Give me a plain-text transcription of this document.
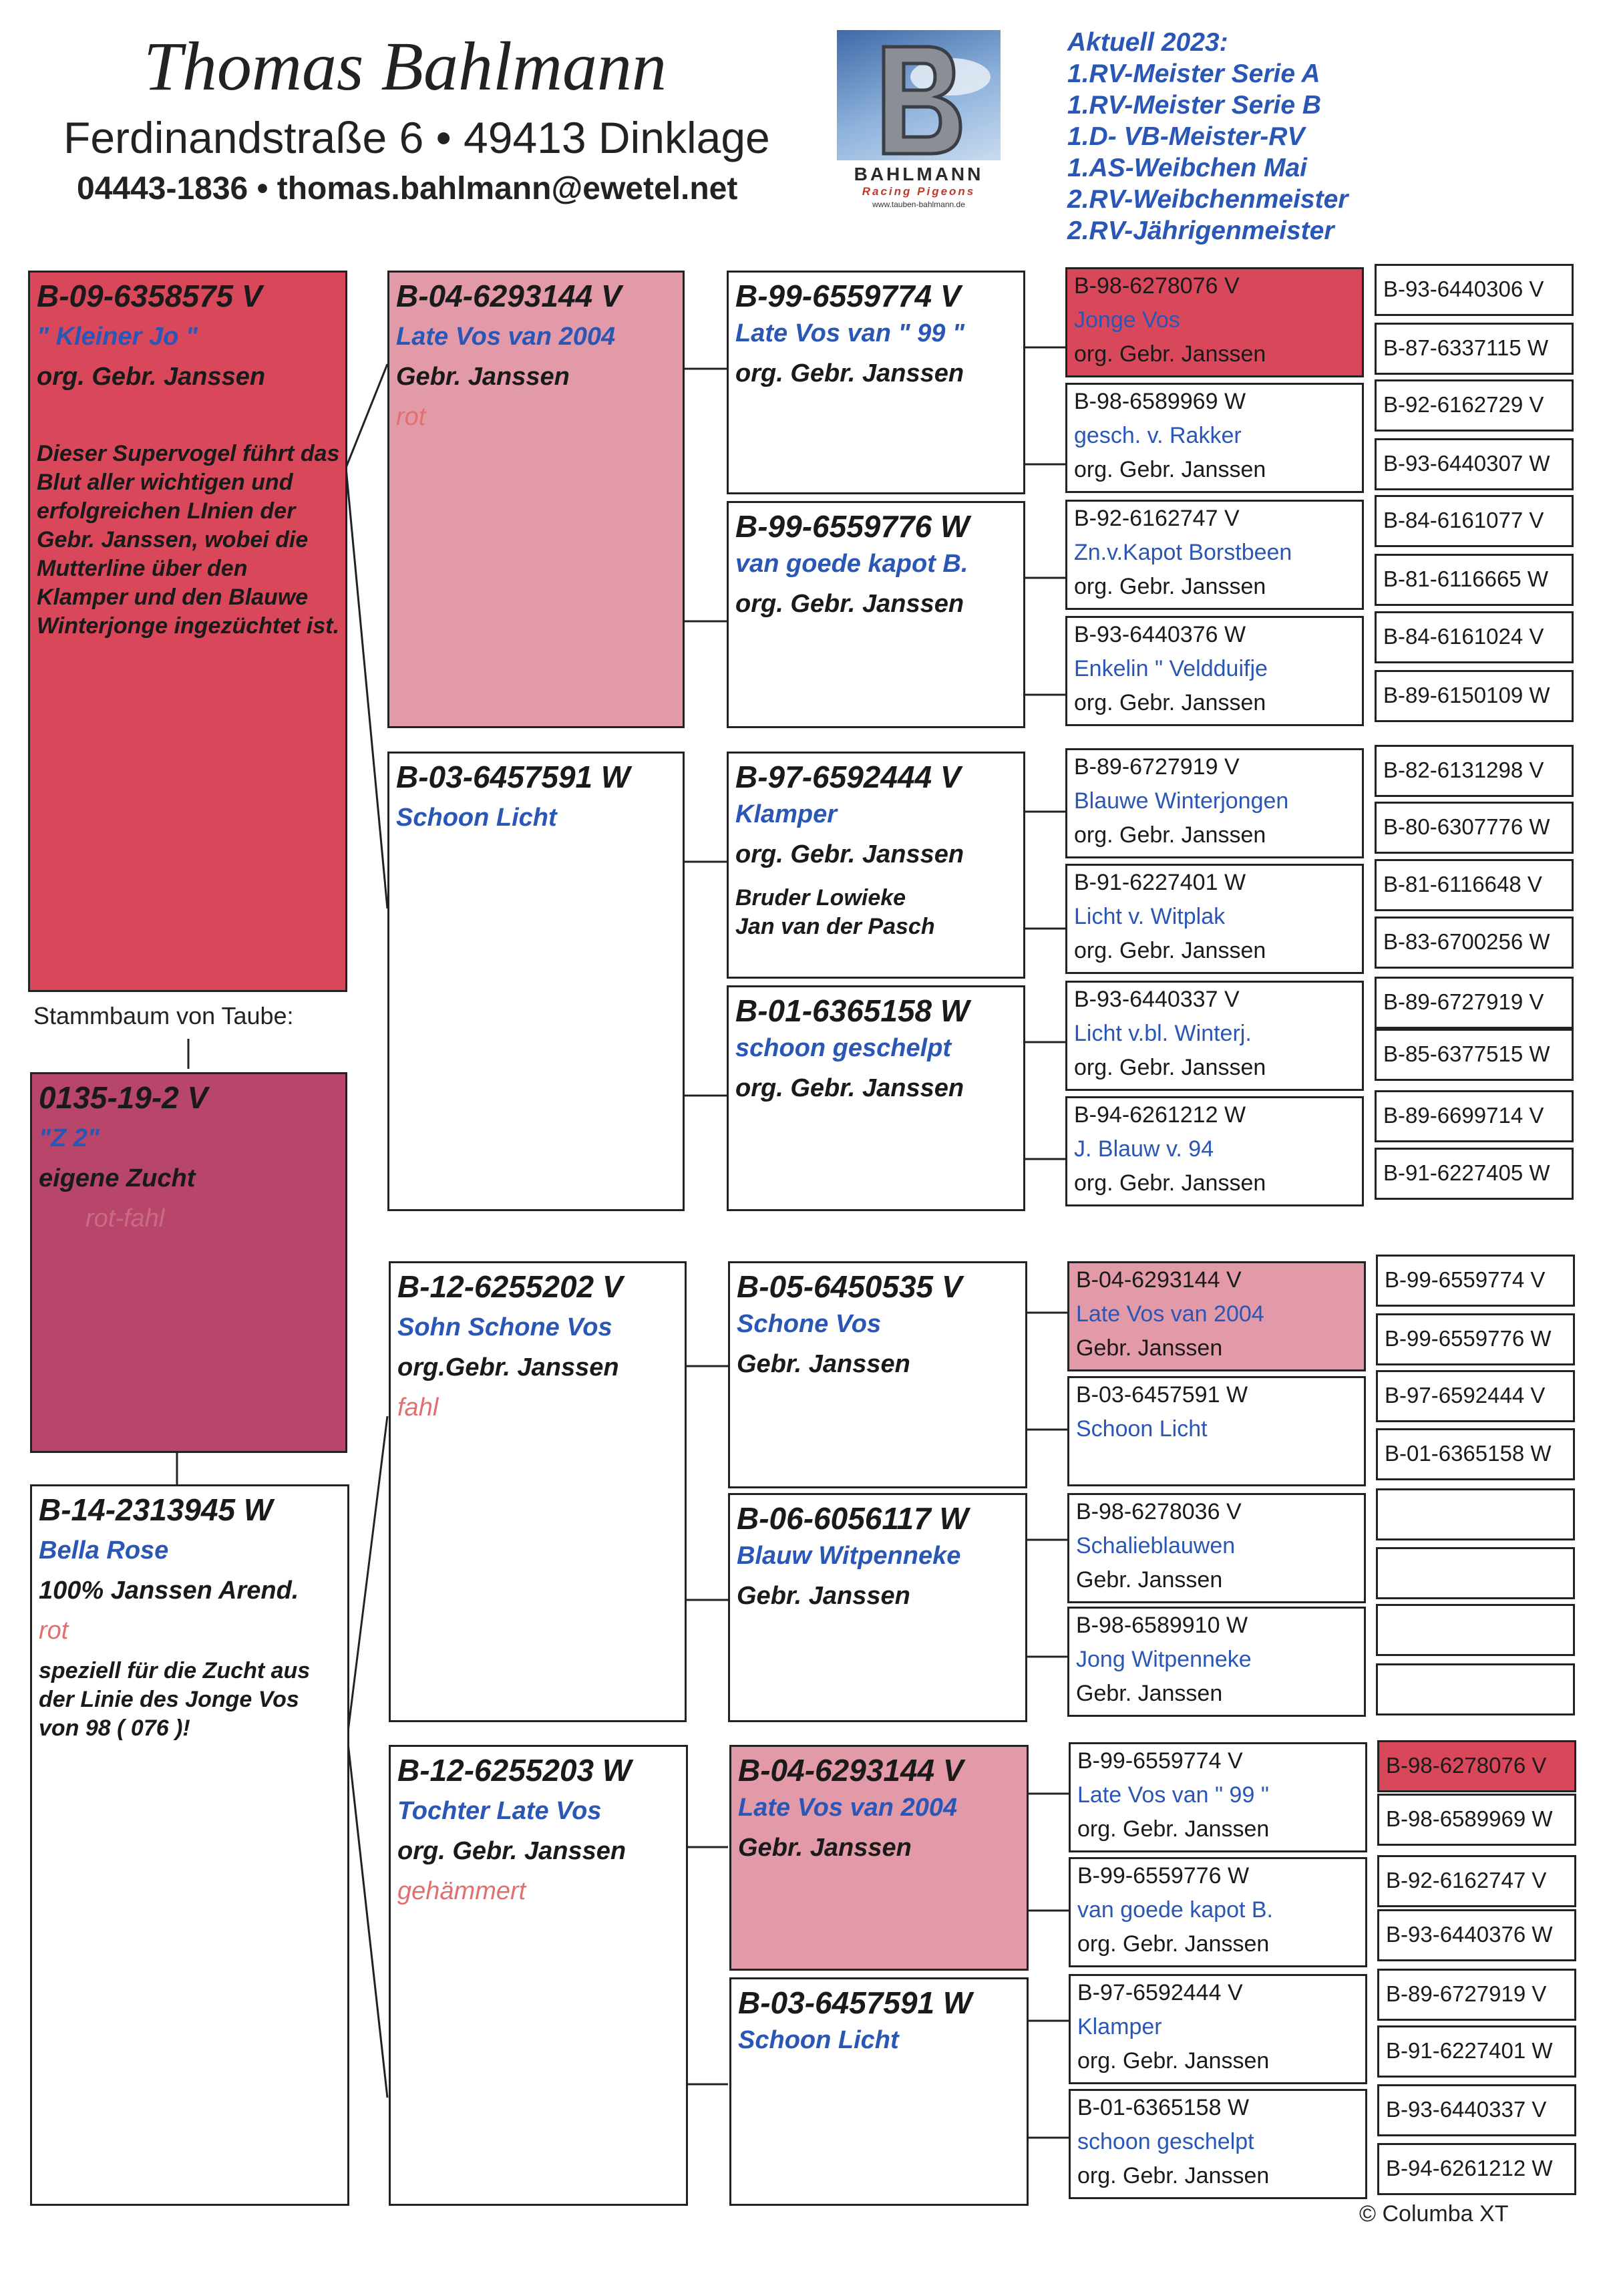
Thomas Bahlmann
Ferdinandstraße 6 • 49413 Dinklage
04443-1836 • thomas.bahlmann@ewetel.net	BAHLMANN
Racing Pigeons
www.tauben-bahlmann.de
Aktuell 2023:
1.RV-Meister Serie A
1.RV-Meister Serie B
1.D- VB-Meister-RV
1.AS-Weibchen Mai
2.RV-Weibchenmeister
2.RV-Jährigenmeister
B-09-6358575 V
" Kleiner Jo "
org. Gebr. Janssen
Dieser Supervogel führt das Blut aller wichtigen und erfolgreichen LInien der Gebr. Janssen, wobei die Mutterline über den Klamper und den Blauwe Winterjonge ingezüchtet ist.
Stammbaum von Taube:
0135-19-2 V
"Z 2"
eigene Zucht
rot-fahl
B-14-2313945 W
Bella Rose
100% Janssen Arend.
rot
speziell für die Zucht aus der Linie des Jonge Vos von 98 ( 076 )!
B-04-6293144 V
Late Vos van 2004
Gebr. Janssen
rot
B-03-6457591 W
Schoon Licht
B-12-6255202 V
Sohn Schone Vos
org.Gebr. Janssen
fahl
B-12-6255203 W
Tochter Late Vos
org. Gebr. Janssen
gehämmert
B-99-6559774 V
Late Vos van " 99 "
org. Gebr. Janssen
B-99-6559776 W
van goede kapot B.
org. Gebr. Janssen
B-97-6592444 V
Klamper
org. Gebr. Janssen
Bruder Lowieke Jan van der Pasch
B-01-6365158 W
schoon geschelpt
org. Gebr. Janssen
B-05-6450535 V
Schone Vos
Gebr. Janssen
B-06-6056117 W
Blauw Witpenneke
Gebr. Janssen
B-04-6293144 V
Late Vos van 2004
Gebr. Janssen
B-03-6457591 W
Schoon Licht
B-98-6278076 V
Jonge Vos
org. Gebr. Janssen
B-98-6589969 W
gesch. v. Rakker
org. Gebr. Janssen
B-92-6162747 V
Zn.v.Kapot Borstbeen
org. Gebr. Janssen
B-93-6440376 W
Enkelin " Veldduifje
org. Gebr. Janssen
B-89-6727919 V
Blauwe Winterjongen
org. Gebr. Janssen
B-91-6227401 W
Licht v. Witplak
org. Gebr. Janssen
B-93-6440337 V
Licht v.bl. Winterj.
org. Gebr. Janssen
B-94-6261212 W
J. Blauw v. 94
org. Gebr. Janssen
B-04-6293144 V
Late Vos van 2004
Gebr. Janssen
B-03-6457591 W
Schoon Licht
B-98-6278036 V
Schalieblauwen
Gebr. Janssen
B-98-6589910 W
Jong Witpenneke
Gebr. Janssen
B-99-6559774 V
Late Vos van " 99 "
org. Gebr. Janssen
B-99-6559776 W
van goede kapot B.
org. Gebr. Janssen
B-97-6592444 V
Klamper
org. Gebr. Janssen
B-01-6365158 W
schoon geschelpt
org. Gebr. Janssen
B-93-6440306 V
B-87-6337115 W
B-92-6162729 V
B-93-6440307 W
B-84-6161077 V
B-81-6116665 W
B-84-6161024 V
B-89-6150109 W
B-82-6131298 V
B-80-6307776 W
B-81-6116648 V
B-83-6700256 W
B-89-6727919 V
B-85-6377515 W
B-89-6699714 V
B-91-6227405 W
B-99-6559774 V
B-99-6559776 W
B-97-6592444 V
B-01-6365158 W
B-98-6278076 V
B-98-6589969 W
B-92-6162747 V
B-93-6440376 W
B-89-6727919 V
B-91-6227401 W
B-93-6440337 V
B-94-6261212 W
© Columba XT
